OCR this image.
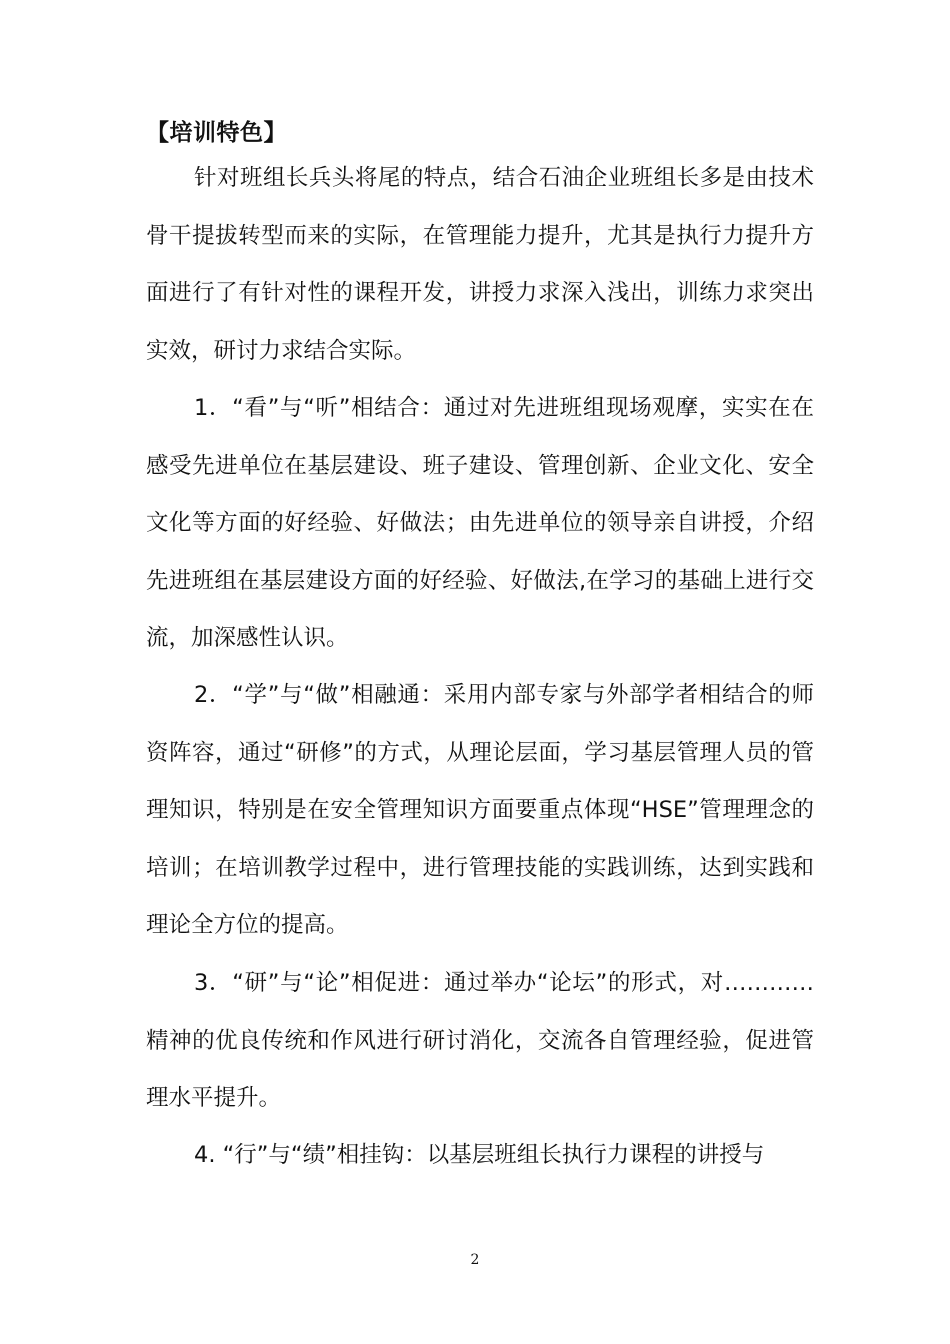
【培训特色】

针对班组长兵头将尾的特点，结合石油企业班组长多是由技术骨干提拔转型而来的实际，在管理能力提升，尤其是执行力提升方面进行了有针对性的课程开发，讲授力求深入浅出，训练力求突出实效，研讨力求结合实际。

1．“看”与“听”相结合：通过对先进班组现场观摩，实实在在感受先进单位在基层建设、班子建设、管理创新、企业文化、安全文化等方面的好经验、好做法；由先进单位的领导亲自讲授，介绍先进班组在基层建设方面的好经验、好做法,在学习的基础上进行交流，加深感性认识。

2．“学”与“做”相融通：采用内部专家与外部学者相结合的师资阵容，通过“研修”的方式，从理论层面，学习基层管理人员的管理知识，特别是在安全管理知识方面要重点体现“HSE”管理理念的培训；在培训教学过程中，进行管理技能的实践训练，达到实践和理论全方位的提高。

3．“研”与“论”相促进：通过举办“论坛”的形式，对…………精神的优良传统和作风进行研讨消化，交流各自管理经验，促进管理水平提升。

4. “行”与“绩”相挂钩：以基层班组长执行力课程的讲授与

2
